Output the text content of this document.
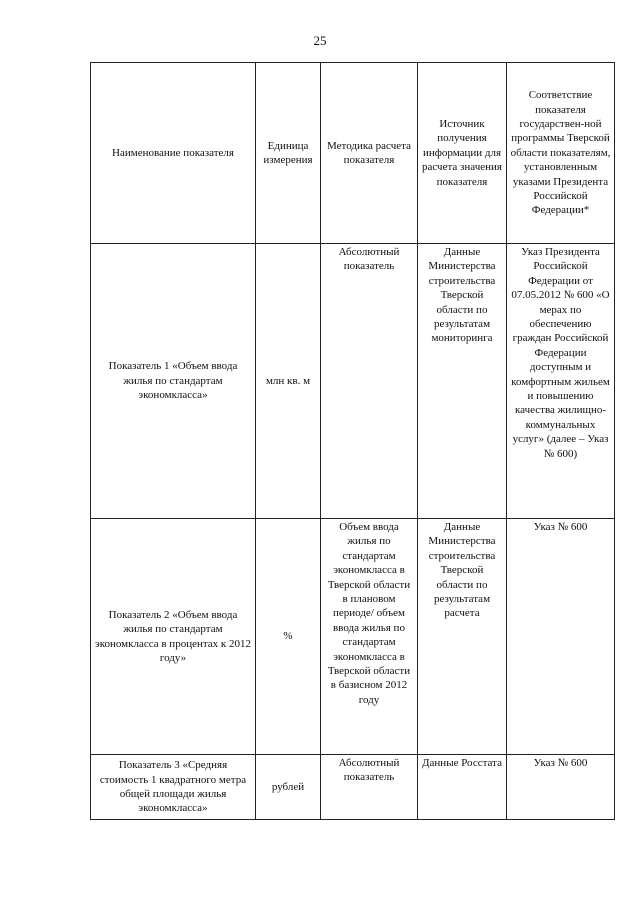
25
Наименование показателя	Единица измерения	Методика расчета показателя	Источник получения информации для расчета значения показателя	Соответствие показателя государствен-ной программы Тверской области показателям, установленным указами Президента Российской Федерации*
Показатель 1 «Объем ввода жилья по стандартам экономкласса»	млн кв. м	Абсолютный показатель	Данные Министерства строительства Тверской области по результатам мониторинга	Указ Президента Российской Федерации от 07.05.2012 № 600 «О мерах по обеспечению граждан Российской Федерации доступным и комфортным жильем и повышению качества жилищно-коммунальных услуг» (далее – Указ № 600)
Показатель 2 «Объем ввода жилья по стандартам экономкласса в процентах к 2012 году»	%	Объем ввода жилья по стандартам экономкласса в Тверской области в плановом периоде/ объем ввода жилья по стандартам экономкласса в Тверской области в базисном 2012 году	Данные Министерства строительства Тверской области по результатам расчета	Указ № 600
Показатель 3 «Средняя стоимость 1 квадратного метра общей площади жилья экономкласса»	рублей	Абсолютный показатель	Данные Росстата	Указ № 600
